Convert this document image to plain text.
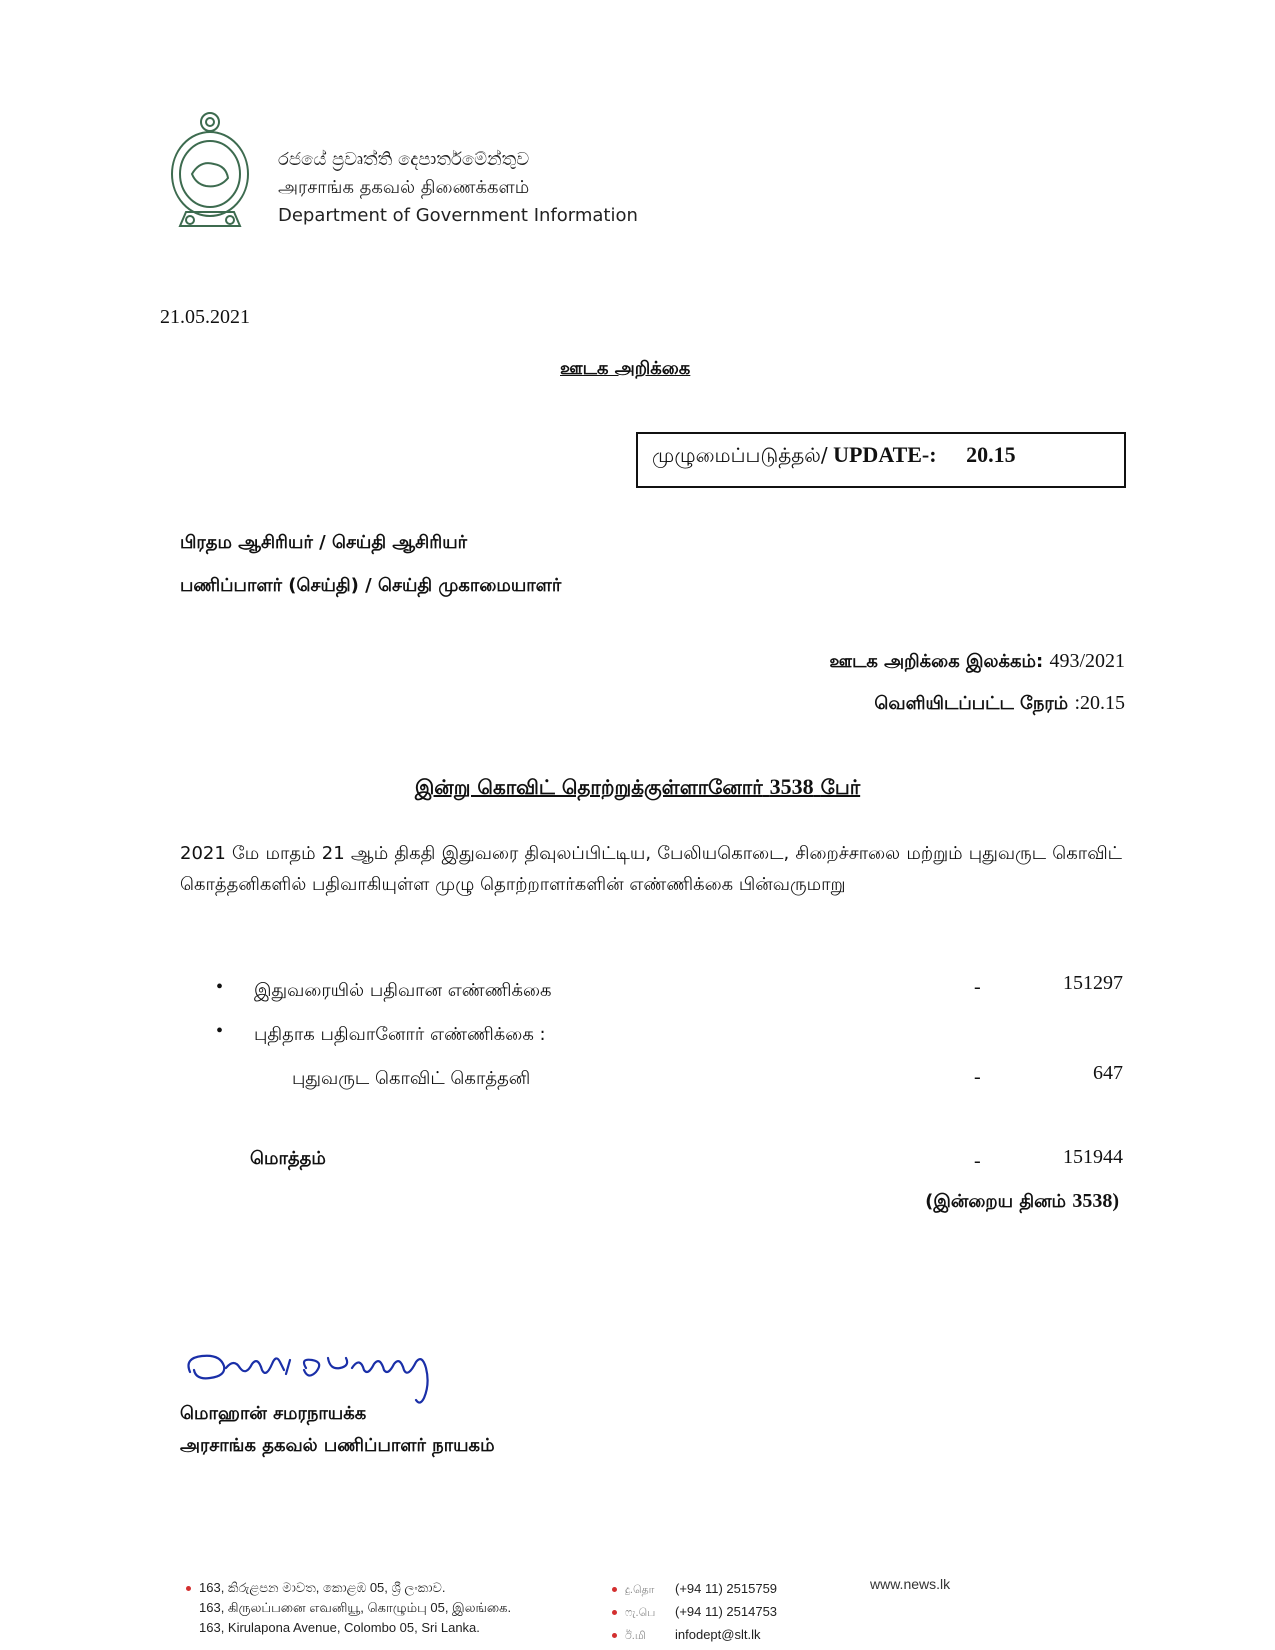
රජයේ ප්‍රවෘත්ති දෙපාර්තමේන්තුව
அரசாங்க தகவல் திணைக்களம்
Department of Government Information
21.05.2021
ஊடக அறிக்கை
முழுமைப்படுத்தல்/ UPDATE-: 20.15
பிரதம ஆசிரியர் / செய்தி ஆசிரியர்
பணிப்பாளர் (செய்தி) / செய்தி முகாமையாளர்
ஊடக அறிக்கை இலக்கம்: 493/2021
வெளியிடப்பட்ட நேரம் :20.15
இன்று கொவிட் தொற்றுக்குள்ளானோர் 3538 பேர்
2021 மே மாதம் 21 ஆம் திகதி இதுவரை திவுலப்பிட்டிய, பேலியகொடை, சிறைச்சாலை மற்றும் புதுவருட கொவிட் கொத்தனிகளில் பதிவாகியுள்ள முழு தொற்றாளர்களின் எண்ணிக்கை பின்வருமாறு
• இதுவரையில் பதிவான எண்ணிக்கை	-	151297
• புதிதாக பதிவானோர் எண்ணிக்கை :
புதுவருட கொவிட் கொத்தனி	-	647
மொத்தம்	-	151944
(இன்றைய தினம் 3538)
மொஹான் சமரநாயக்க
அரசாங்க தகவல் பணிப்பாளர் நாயகம்
163, කිරුළපන මාවත, කොළඹ 05, ශ්‍රී ලංකාව.
163, கிருலப்பனை எவனியூ, கொழும்பு 05, இலங்கை.
163, Kirulapona Avenue, Colombo 05, Sri Lanka.
දු.தொ (+94 11) 2515759
ෆැ.பெ (+94 11) 2514753
ඊ.மி infodept@slt.lk
www.news.lk
